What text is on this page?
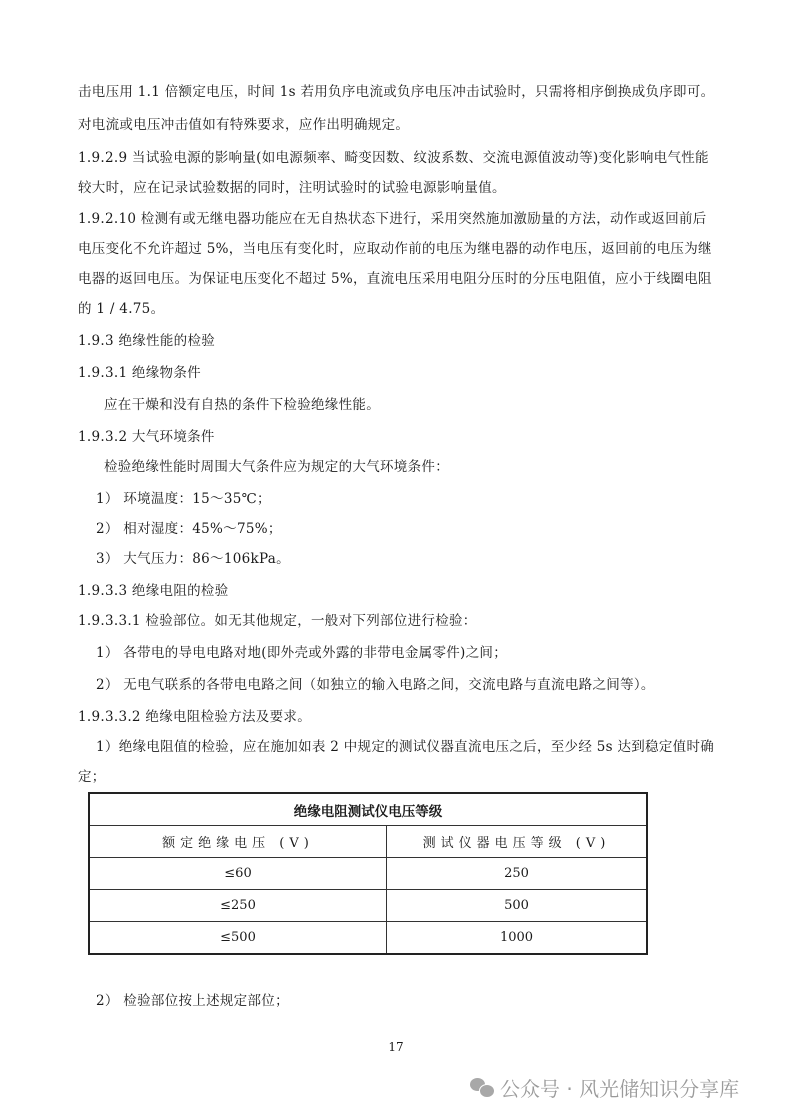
击电压用 1.1 倍额定电压，时间 1s 若用负序电流或负序电压冲击试验时，只需将相序倒换成负序即可。
对电流或电压冲击值如有特殊要求，应作出明确规定。
1.9.2.9 当试验电源的影响量(如电源频率、畸变因数、纹波系数、交流电源值波动等)变化影响电气性能
较大时，应在记录试验数据的同时，注明试验时的试验电源影响量值。
1.9.2.10 检测有或无继电器功能应在无自热状态下进行，采用突然施加激励量的方法，动作或返回前后
电压变化不允许超过 5%，当电压有变化时，应取动作前的电压为继电器的动作电压，返回前的电压为继
电器的返回电压。为保证电压变化不超过 5%，直流电压采用电阻分压时的分压电阻值，应小于线圈电阻
的 1 / 4.75。
1.9.3 绝缘性能的检验
1.9.3.1 绝缘物条件
应在干燥和没有自热的条件下检验绝缘性能。
1.9.3.2 大气环境条件
检验绝缘性能时周围大气条件应为规定的大气环境条件：
1） 环境温度：15～35℃；
2） 相对湿度：45%～75%；
3） 大气压力：86～106kPa。
1.9.3.3 绝缘电阻的检验
1.9.3.3.1 检验部位。如无其他规定，一般对下列部位进行检验：
1） 各带电的导电电路对地(即外壳或外露的非带电金属零件)之间；
2） 无电气联系的各带电电路之间（如独立的输入电路之间，交流电路与直流电路之间等）。
1.9.3.3.2 绝缘电阻检验方法及要求。
1）绝缘电阻值的检验，应在施加如表 2 中规定的测试仪器直流电压之后，至少经 5s 达到稳定值时确
定；
绝缘电阻测试仪电压等级	
额定绝缘电压 (V)	测试仪器电压等级 (V)
≤60	250
≤250	500
≤500	1000
2） 检验部位按上述规定部位；
17
公众号 · 风光储知识分享库
